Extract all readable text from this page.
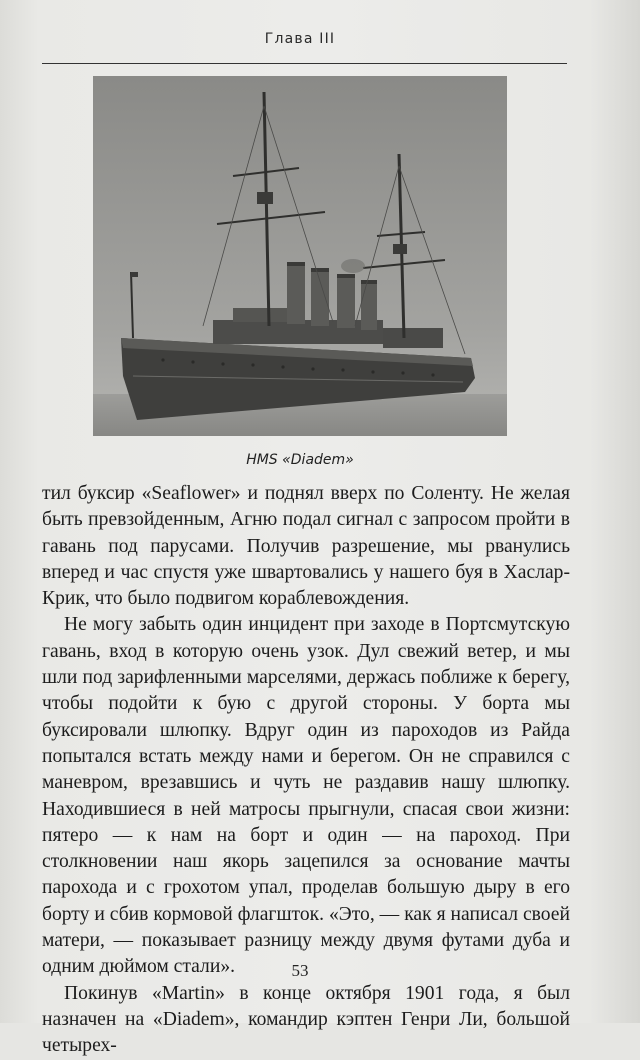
Глава III
HMS «Diadem»

тил буксир «Seaflower» и поднял вверх по Соленту. Не желая быть превзойденным, Агню подал сигнал с запросом пройти в гавань под парусами. Получив разрешение, мы рванулись вперед и час спустя уже швартовались у нашего буя в Хаслар-Крик, что было подвигом кораблевождения.

Не могу забыть один инцидент при заходе в Портсмутскую гавань, вход в которую очень узок. Дул свежий ветер, и мы шли под зарифленными марселями, держась поближе к берегу, чтобы подойти к бую с другой стороны. У борта мы буксировали шлюпку. Вдруг один из пароходов из Райда попытался встать между нами и берегом. Он не справился с маневром, врезавшись и чуть не раздавив нашу шлюпку. Находившиеся в ней матросы прыгнули, спасая свои жизни: пятеро — к нам на борт и один — на пароход. При столкновении наш якорь зацепился за основание мачты парохода и с грохотом упал, проделав большую дыру в его борту и сбив кормовой флагшток. «Это, — как я написал своей матери, — показывает разницу между двумя футами дуба и одним дюймом стали».

Покинув «Martin» в конце октября 1901 года, я был назначен на «Diadem», командир кэптен Генри Ли, большой четырех-

53
